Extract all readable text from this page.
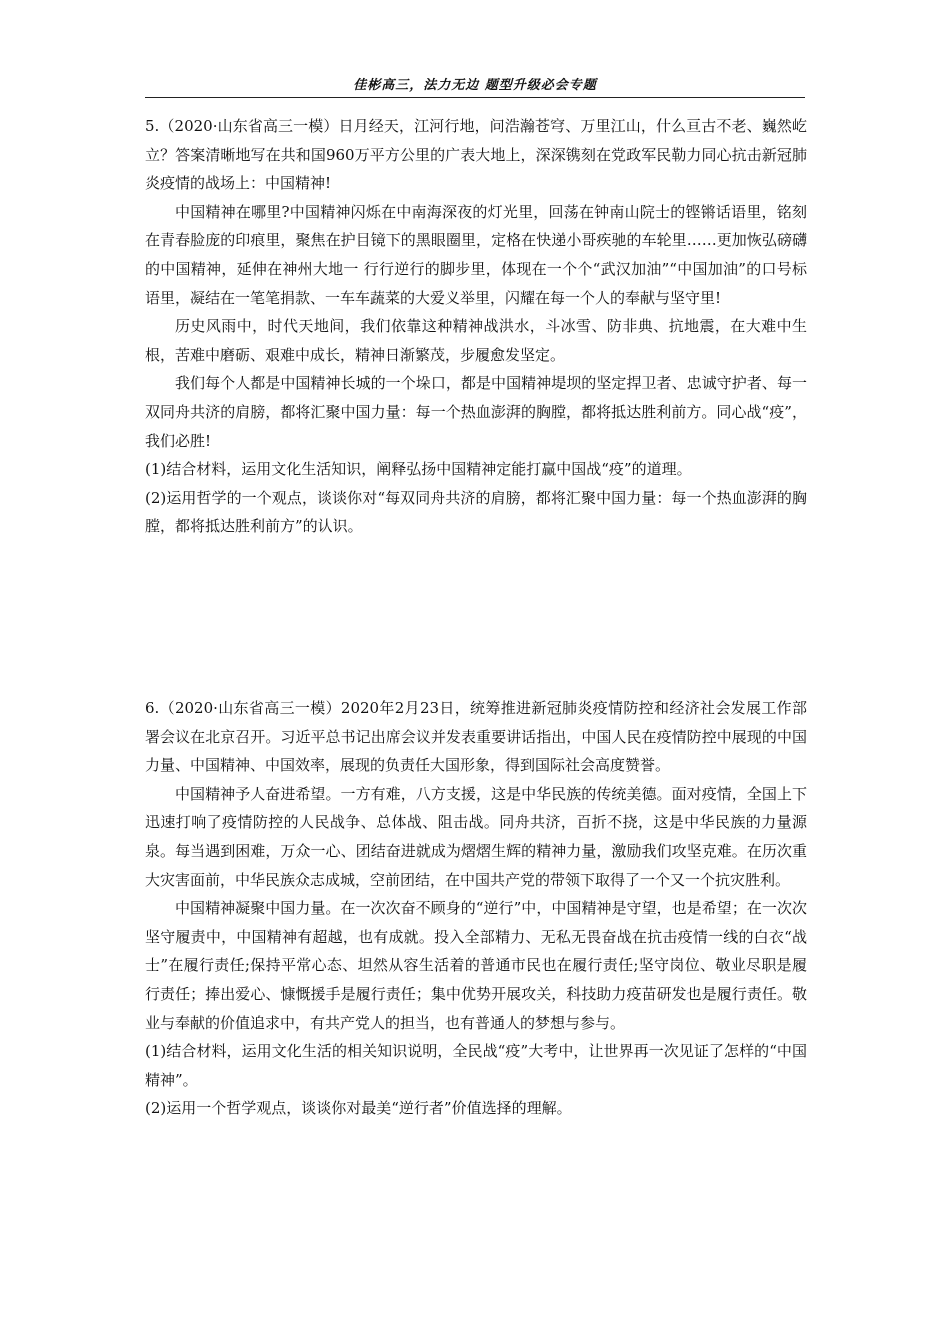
佳彬高三，法力无边 题型升级必会专题

5.（2020·山东省高三一模）日月经天，江河行地，问浩瀚苍穹、万里江山，什么亘古不老、巍然屹立？答案清晰地写在共和国960万平方公里的广表大地上，深深镌刻在党政军民勒力同心抗击新冠肺炎疫情的战场上：中国精神!

中国精神在哪里?中国精神闪烁在中南海深夜的灯光里，回荡在钟南山院士的铿锵话语里，铭刻在青春脸庞的印痕里，聚焦在护目镜下的黑眼圈里，定格在快递小哥疾驰的车轮里……更加恢弘磅礴的中国精神，延伸在神州大地一 行行逆行的脚步里，体现在一个个“武汉加油”“中国加油”的口号标语里，凝结在一笔笔捐款、一车车蔬菜的大爱义举里，闪耀在每一个人的奉献与坚守里!

历史风雨中，时代天地间，我们依靠这种精神战洪水，斗冰雪、防非典、抗地震，在大难中生根，苦难中磨砺、艰难中成长，精神日渐繁茂，步履愈发坚定。

我们每个人都是中国精神长城的一个垛口，都是中国精神堤坝的坚定捍卫者、忠诚守护者、每一双同舟共济的肩膀，都将汇聚中国力量：每一个热血澎湃的胸膛，都将抵达胜利前方。同心战“疫”，我们必胜!

(1)结合材料，运用文化生活知识，阐释弘扬中国精神定能打赢中国战“疫”的道理。

(2)运用哲学的一个观点，谈谈你对“每双同舟共济的肩膀，都将汇聚中国力量：每一个热血澎湃的胸膛，都将抵达胜利前方”的认识。

6.（2020·山东省高三一模）2020年2月23日，统筹推进新冠肺炎疫情防控和经济社会发展工作部署会议在北京召开。习近平总书记出席会议并发表重要讲话指出，中国人民在疫情防控中展现的中国力量、中国精神、中国效率，展现的负责任大国形象，得到国际社会高度赞誉。

中国精神予人奋进希望。一方有难，八方支援，这是中华民族的传统美德。面对疫情，全国上下迅速打响了疫情防控的人民战争、总体战、阻击战。同舟共济，百折不挠，这是中华民族的力量源泉。每当遇到困难，万众一心、团结奋进就成为熠熠生辉的精神力量，激励我们攻坚克难。在历次重大灾害面前，中华民族众志成城，空前团结，在中国共产党的带领下取得了一个又一个抗灾胜利。

中国精神凝聚中国力量。在一次次奋不顾身的“逆行”中，中国精神是守望，也是希望；在一次次坚守履责中，中国精神有超越，也有成就。投入全部精力、无私无畏奋战在抗击疫情一线的白衣“战士”在履行责任;保持平常心态、坦然从容生活着的普通市民也在履行责任;坚守岗位、敬业尽职是履行责任；捧出爱心、慷慨援手是履行责任；集中优势开展攻关，科技助力疫苗研发也是履行责任。敬业与奉献的价值追求中，有共产党人的担当，也有普通人的梦想与参与。

(1)结合材料，运用文化生活的相关知识说明，全民战“疫”大考中，让世界再一次见证了怎样的“中国精神”。

(2)运用一个哲学观点，谈谈你对最美“逆行者”价值选择的理解。
